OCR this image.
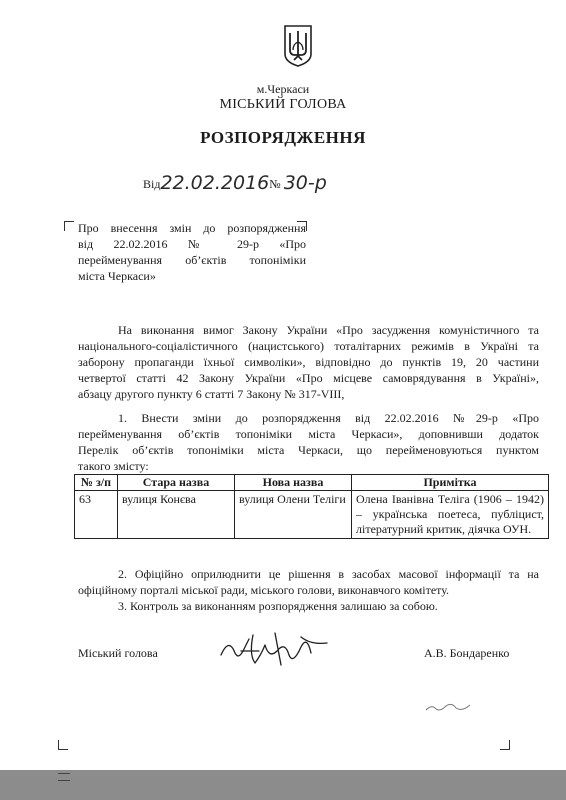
м.Черкаси
МІСЬКИЙ ГОЛОВА
РОЗПОРЯДЖЕННЯ
Від22.02.2016№ 30-р

Про внесення змін до розпорядження

від 22.02.2016 № 29-р «Про

перейменування об’єктів топоніміки

міста Черкаси»

На виконання вимог Закону України «Про засудження комуністичного та

національного-соціалістичного (нацистського) тоталітарних режимів в Україні та

заборону пропаганди їхньої символіки», відповідно до пунктів 19, 20 частини

четвертої статті 42 Закону України «Про місцеве самоврядування в Україні»,

абзацу другого пункту 6 статті 7 Закону № 317-VIII,

1. Внести зміни до розпорядження від 22.02.2016 №29-р «Про

перейменування об’єктів топоніміки міста Черкаси», доповнивши додаток

Перелік об’єктів топоніміки міста Черкаси, що перейменовуються пунктом

такого змісту:

№ з/п	Стара назва	Нова назва	Примітка
63	вулиця Конєва	вулиця Олени Теліги	Олена Іванівна Теліга (1906 – 1942) – українська поетеса, публіцист, літературний критик, діячка ОУН.

2. Офіційно оприлюднити це рішення в засобах масової інформації та на

офіційному порталі міської ради, міського голови, виконавчого комітету.

3. Контроль за виконанням розпорядження залишаю за собою.

Міський голова	А.В. Бондаренко
